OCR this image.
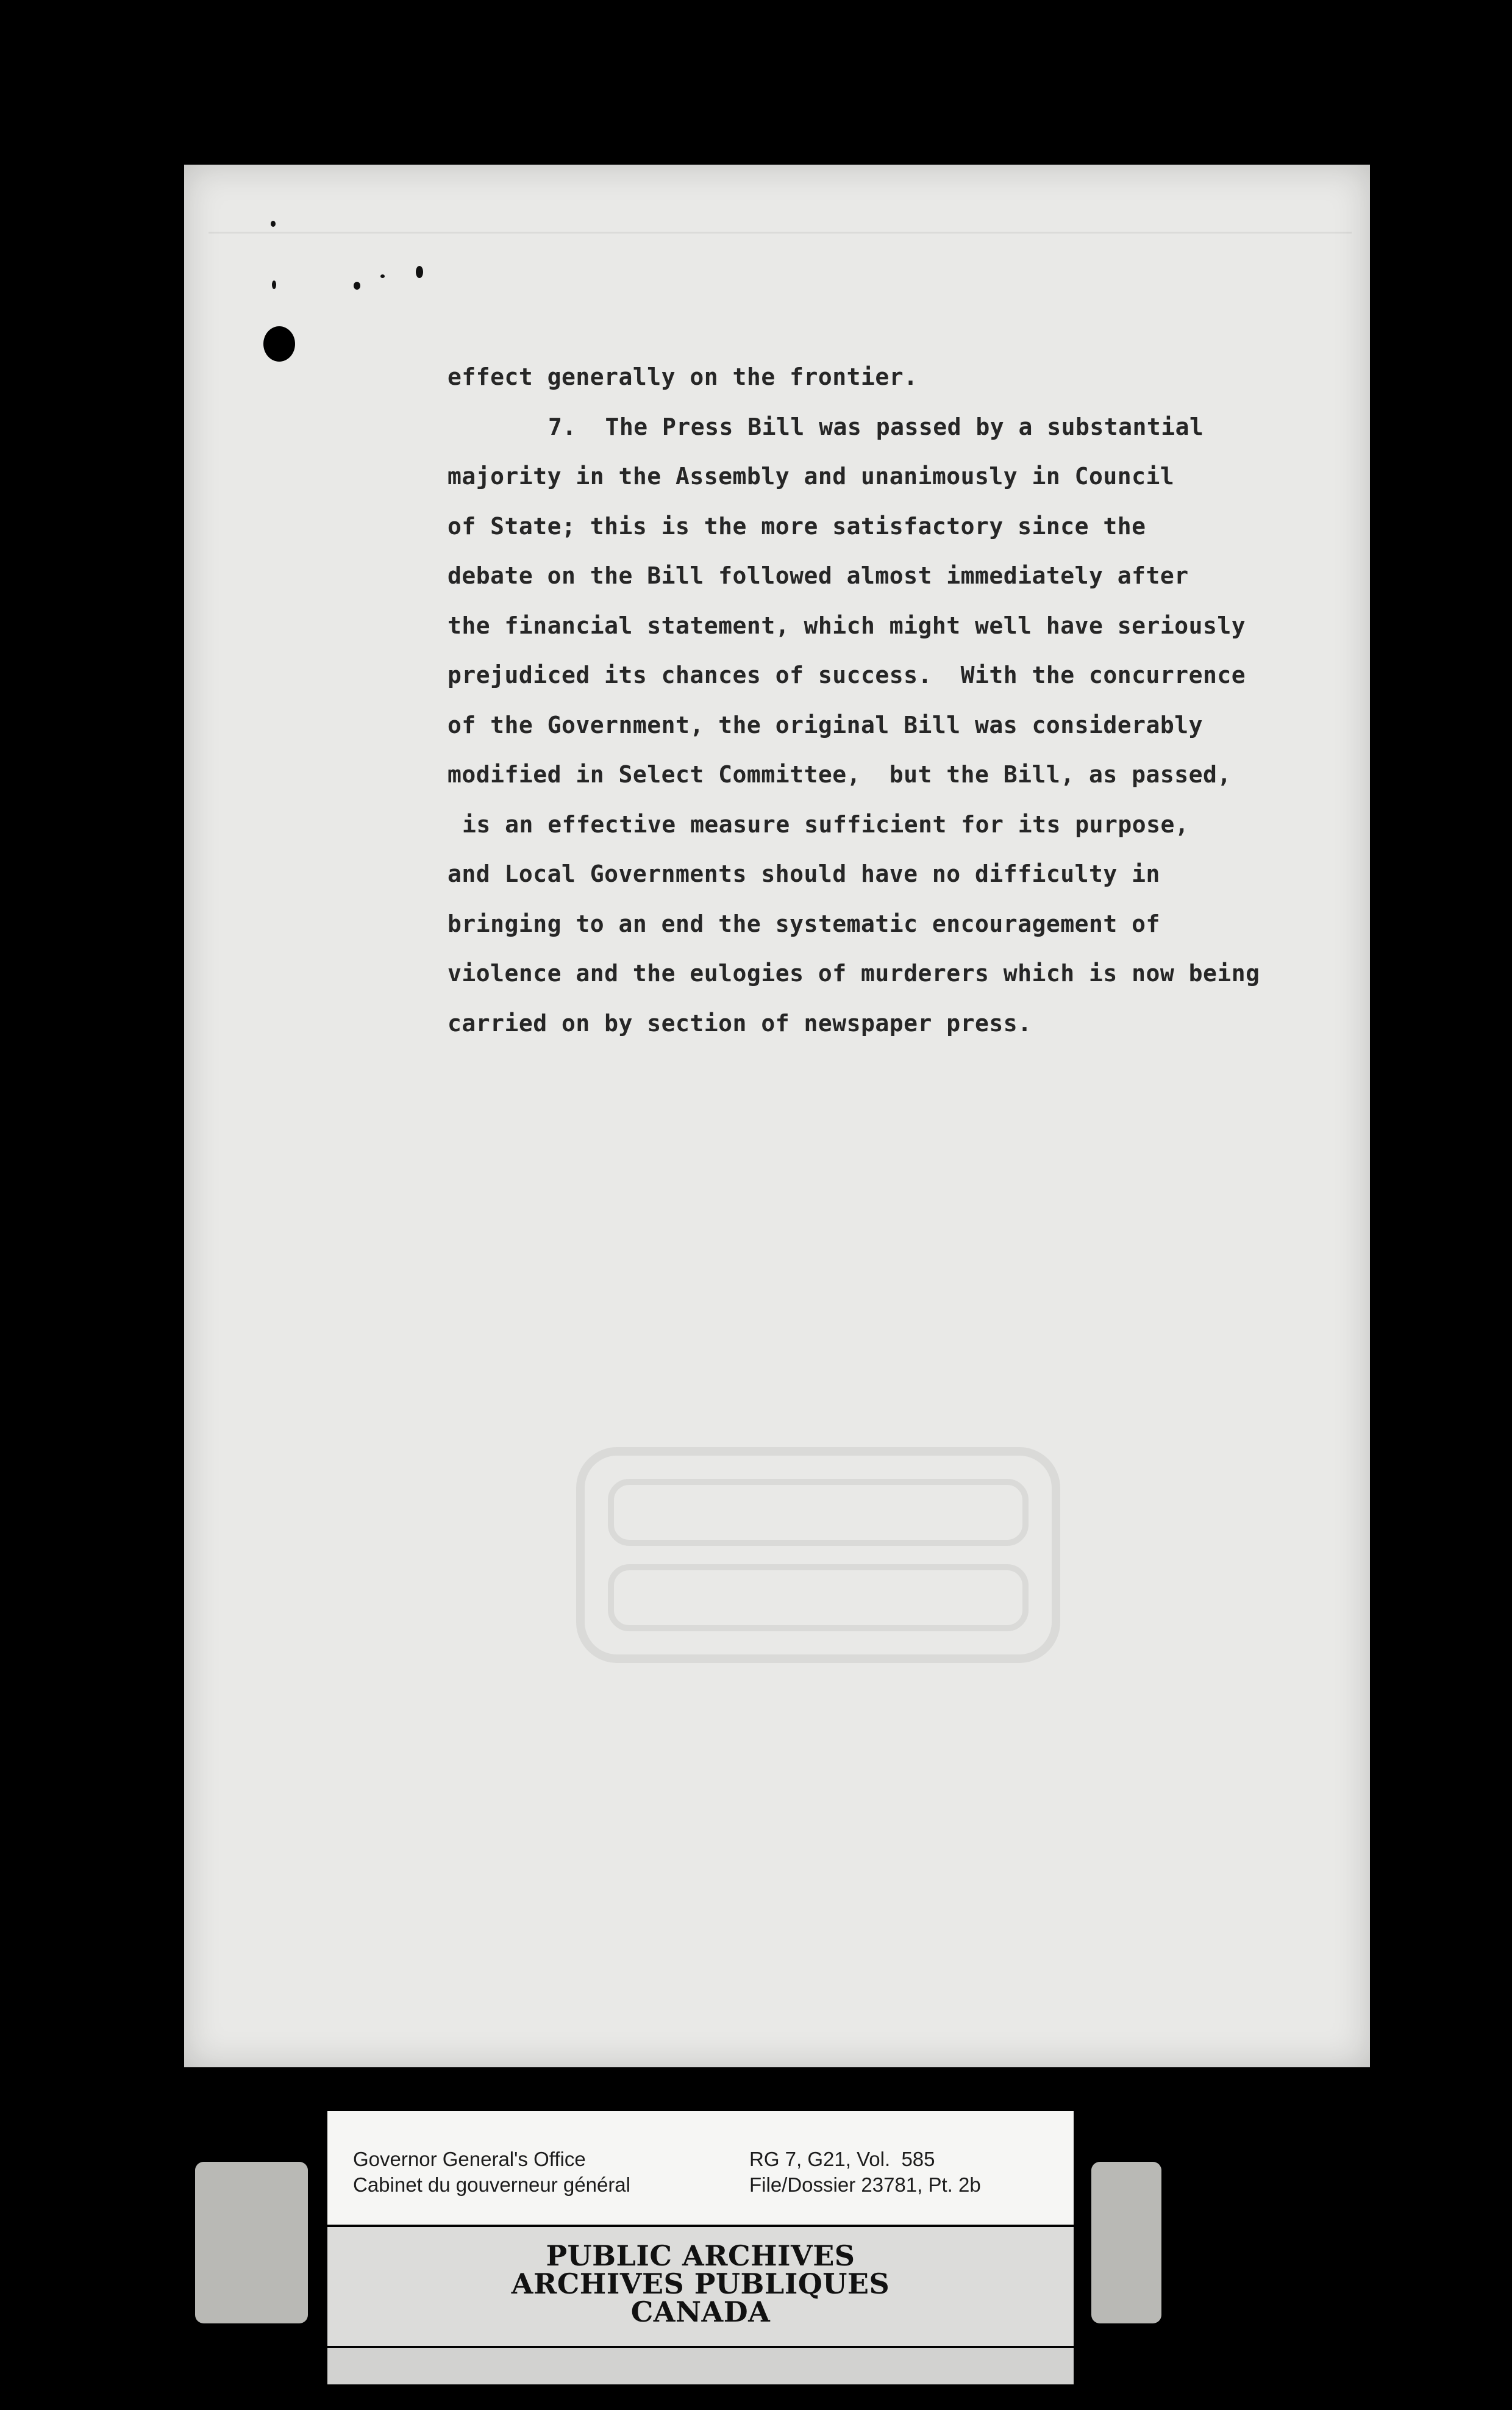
effect generally on the frontier.
7.  The Press Bill was passed by a substantial
majority in the Assembly and unanimously in Council
of State; this is the more satisfactory since the
debate on the Bill followed almost immediately after
the financial statement, which might well have seriously
prejudiced its chances of success.  With the concurrence
of the Government, the original Bill was considerably
modified in Select Committee,  but the Bill, as passed,
is an effective measure sufficient for its purpose,
and Local Governments should have no difficulty in
bringing to an end the systematic encouragement of
violence and the eulogies of murderers which is now being
carried on by section of newspaper press.
Governor General's Office
Cabinet du gouverneur général
RG 7, G21, Vol.  585
File/Dossier 23781, Pt. 2b
PUBLIC ARCHIVES
ARCHIVES PUBLIQUES
CANADA
